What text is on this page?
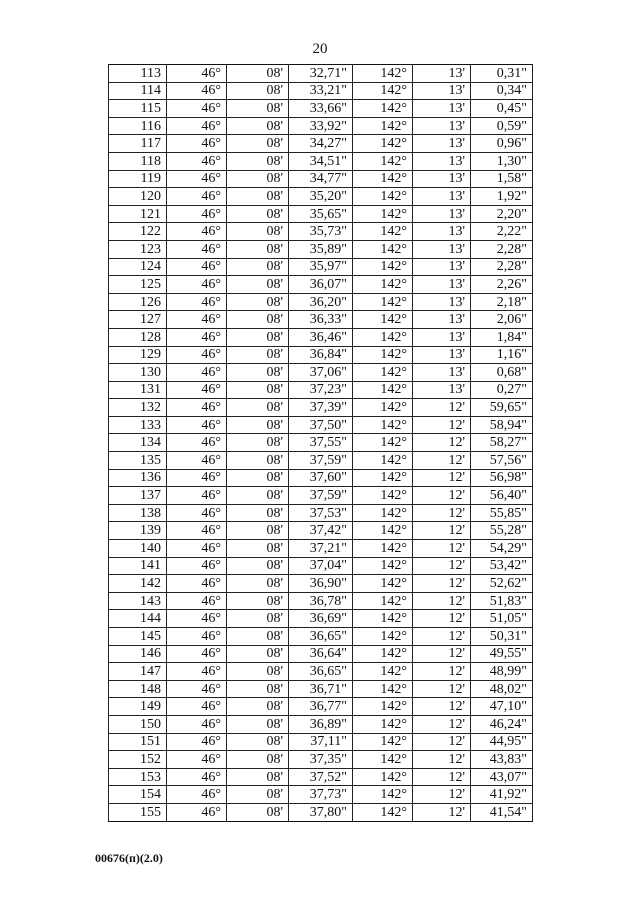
20
113	46°	08'	32,71"	142°	13'	0,31"
114	46°	08'	33,21"	142°	13'	0,34"
115	46°	08'	33,66"	142°	13'	0,45"
116	46°	08'	33,92"	142°	13'	0,59"
117	46°	08'	34,27"	142°	13'	0,96"
118	46°	08'	34,51"	142°	13'	1,30"
119	46°	08'	34,77"	142°	13'	1,58"
120	46°	08'	35,20"	142°	13'	1,92"
121	46°	08'	35,65"	142°	13'	2,20"
122	46°	08'	35,73"	142°	13'	2,22"
123	46°	08'	35,89"	142°	13'	2,28"
124	46°	08'	35,97"	142°	13'	2,28"
125	46°	08'	36,07"	142°	13'	2,26"
126	46°	08'	36,20"	142°	13'	2,18"
127	46°	08'	36,33"	142°	13'	2,06"
128	46°	08'	36,46"	142°	13'	1,84"
129	46°	08'	36,84"	142°	13'	1,16"
130	46°	08'	37,06"	142°	13'	0,68"
131	46°	08'	37,23"	142°	13'	0,27"
132	46°	08'	37,39"	142°	12'	59,65"
133	46°	08'	37,50"	142°	12'	58,94"
134	46°	08'	37,55"	142°	12'	58,27"
135	46°	08'	37,59"	142°	12'	57,56"
136	46°	08'	37,60"	142°	12'	56,98"
137	46°	08'	37,59"	142°	12'	56,40"
138	46°	08'	37,53"	142°	12'	55,85"
139	46°	08'	37,42"	142°	12'	55,28"
140	46°	08'	37,21"	142°	12'	54,29"
141	46°	08'	37,04"	142°	12'	53,42"
142	46°	08'	36,90"	142°	12'	52,62"
143	46°	08'	36,78"	142°	12'	51,83"
144	46°	08'	36,69"	142°	12'	51,05"
145	46°	08'	36,65"	142°	12'	50,31"
146	46°	08'	36,64"	142°	12'	49,55"
147	46°	08'	36,65"	142°	12'	48,99"
148	46°	08'	36,71"	142°	12'	48,02"
149	46°	08'	36,77"	142°	12'	47,10"
150	46°	08'	36,89"	142°	12'	46,24"
151	46°	08'	37,11"	142°	12'	44,95"
152	46°	08'	37,35"	142°	12'	43,83"
153	46°	08'	37,52"	142°	12'	43,07"
154	46°	08'	37,73"	142°	12'	41,92"
155	46°	08'	37,80"	142°	12'	41,54"
00676(п)(2.0)
